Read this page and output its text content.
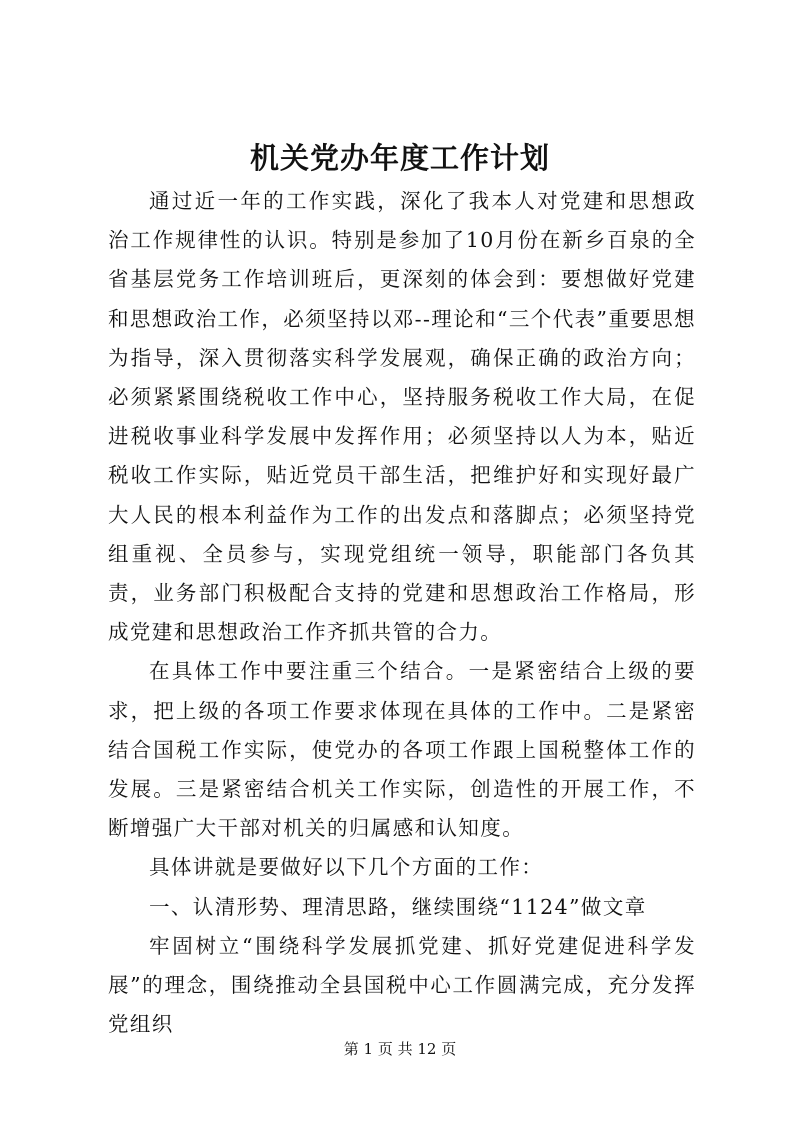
机关党办年度工作计划

通过近一年的工作实践，深化了我本人对党建和思想政治工作规律性的认识。特别是参加了10月份在新乡百泉的全省基层党务工作培训班后，更深刻的体会到：要想做好党建和思想政治工作，必须坚持以邓--理论和“三个代表”重要思想为指导，深入贯彻落实科学发展观，确保正确的政治方向；必须紧紧围绕税收工作中心，坚持服务税收工作大局，在促进税收事业科学发展中发挥作用；必须坚持以人为本，贴近税收工作实际，贴近党员干部生活，把维护好和实现好最广大人民的根本利益作为工作的出发点和落脚点；必须坚持党组重视、全员参与，实现党组统一领导，职能部门各负其责，业务部门积极配合支持的党建和思想政治工作格局，形成党建和思想政治工作齐抓共管的合力。

在具体工作中要注重三个结合。一是紧密结合上级的要求，把上级的各项工作要求体现在具体的工作中。二是紧密结合国税工作实际，使党办的各项工作跟上国税整体工作的发展。三是紧密结合机关工作实际，创造性的开展工作，不断增强广大干部对机关的归属感和认知度。

具体讲就是要做好以下几个方面的工作：

一、认清形势、理清思路，继续围绕“1124”做文章

牢固树立“围绕科学发展抓党建、抓好党建促进科学发展”的理念，围绕推动全县国税中心工作圆满完成，充分发挥党组织

第 1 页 共 12 页
